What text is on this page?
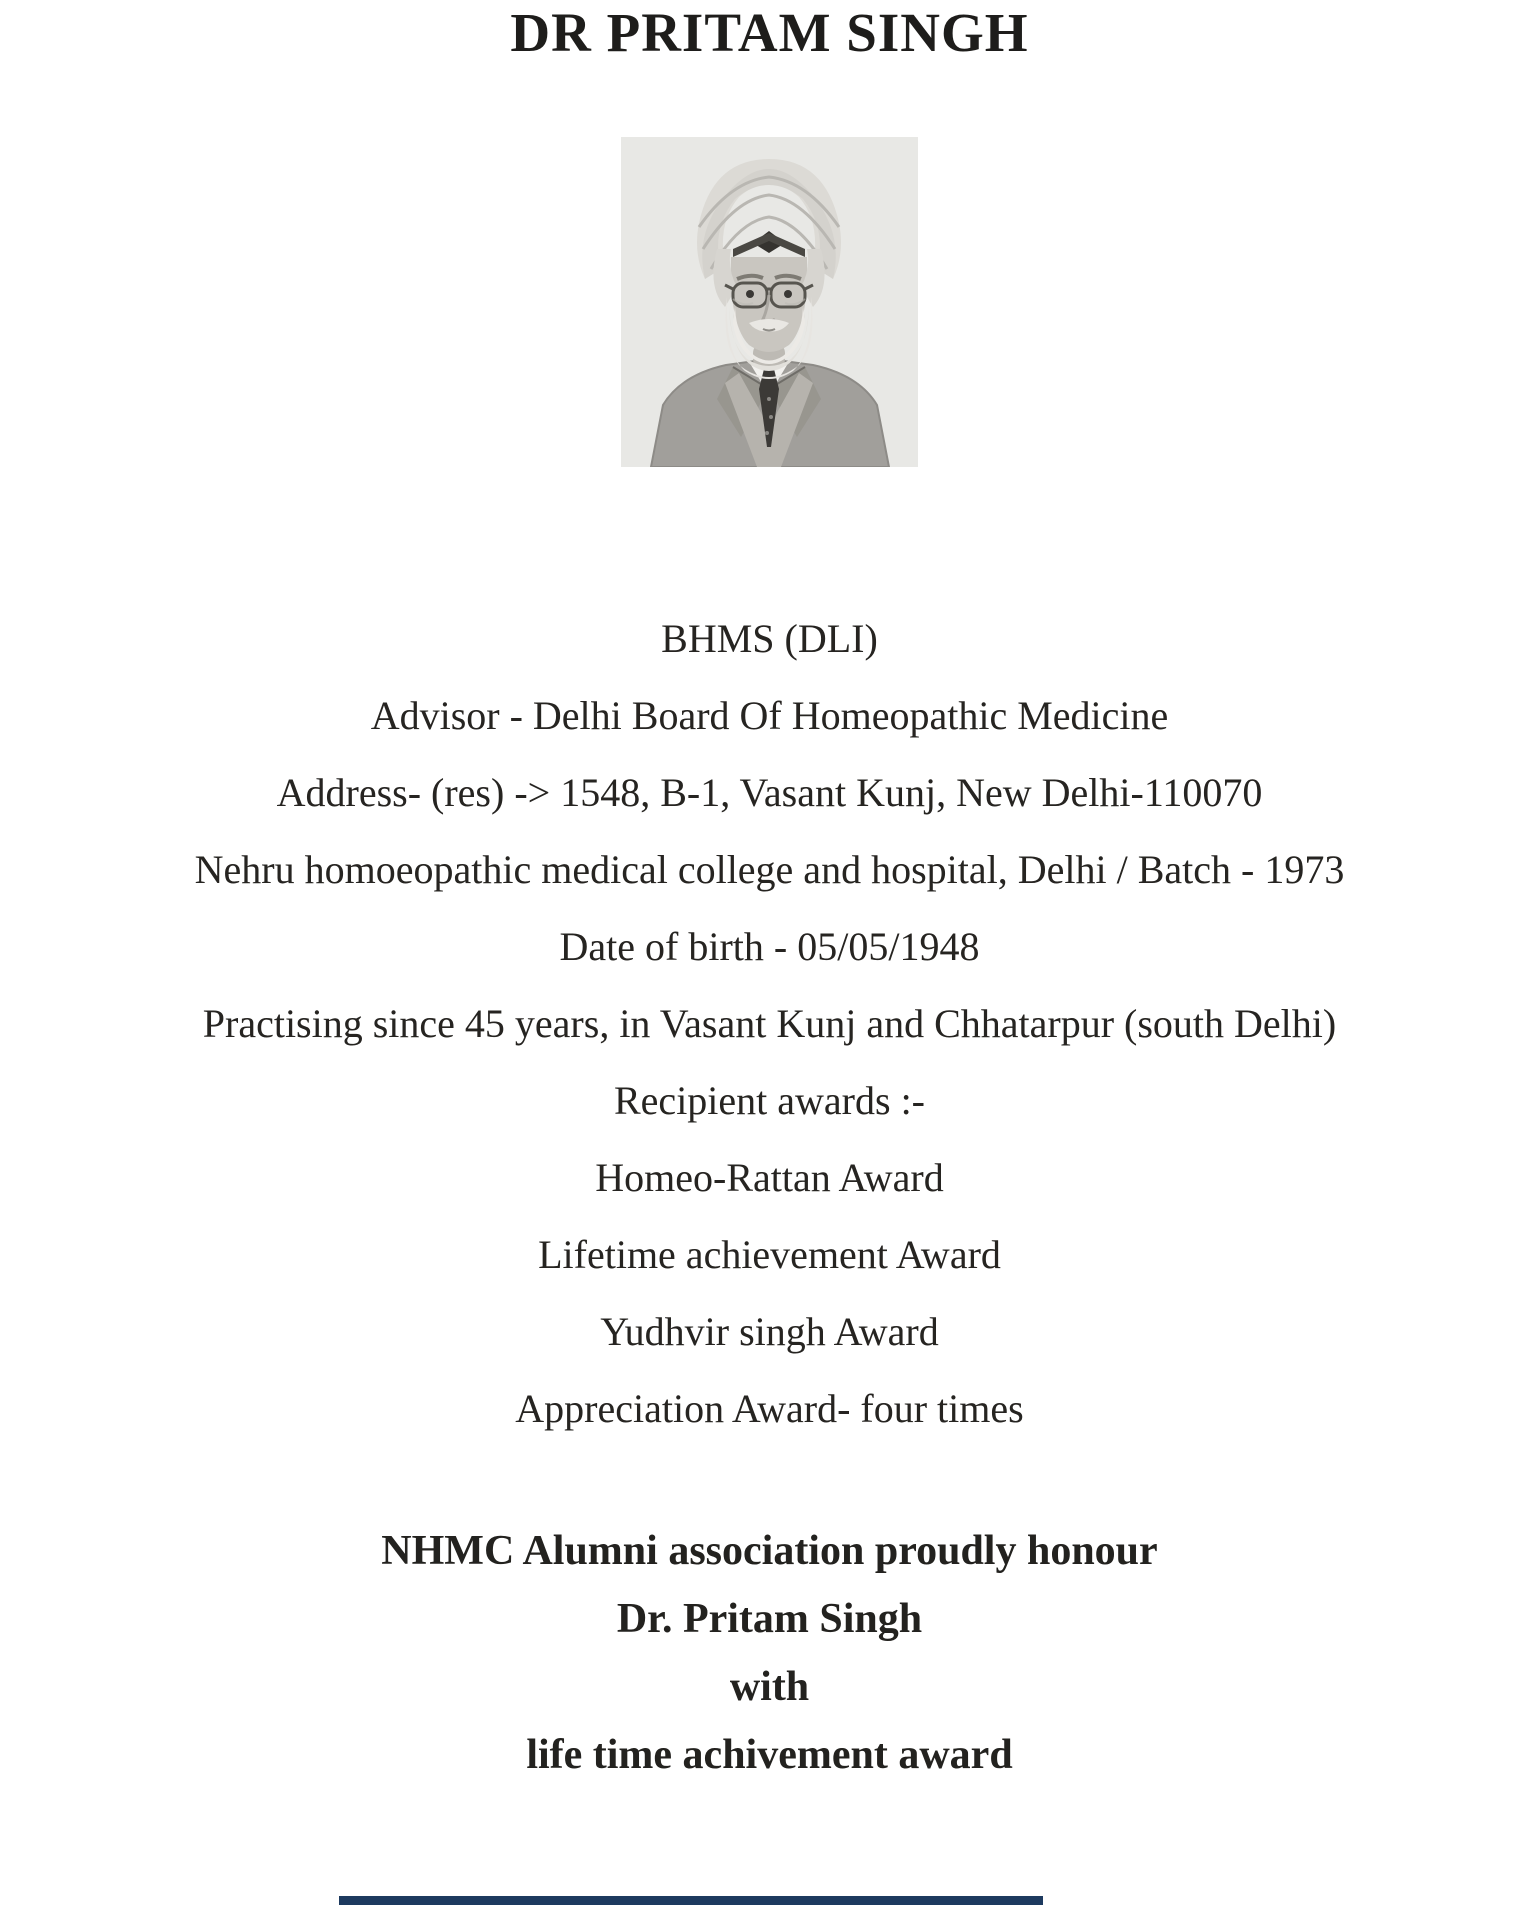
DR PRITAM SINGH
BHMS (DLI)
Advisor - Delhi Board Of Homeopathic Medicine
Address- (res) -> 1548, B-1, Vasant Kunj, New Delhi-110070
Nehru homoeopathic medical college and hospital, Delhi / Batch - 1973
Date of birth - 05/05/1948
Practising since 45 years, in Vasant Kunj and Chhatarpur (south Delhi)
Recipient awards :-
Homeo-Rattan Award
Lifetime achievement Award
Yudhvir singh Award
Appreciation Award- four times
NHMC Alumni association proudly honour
Dr. Pritam Singh
with
life time achivement award
